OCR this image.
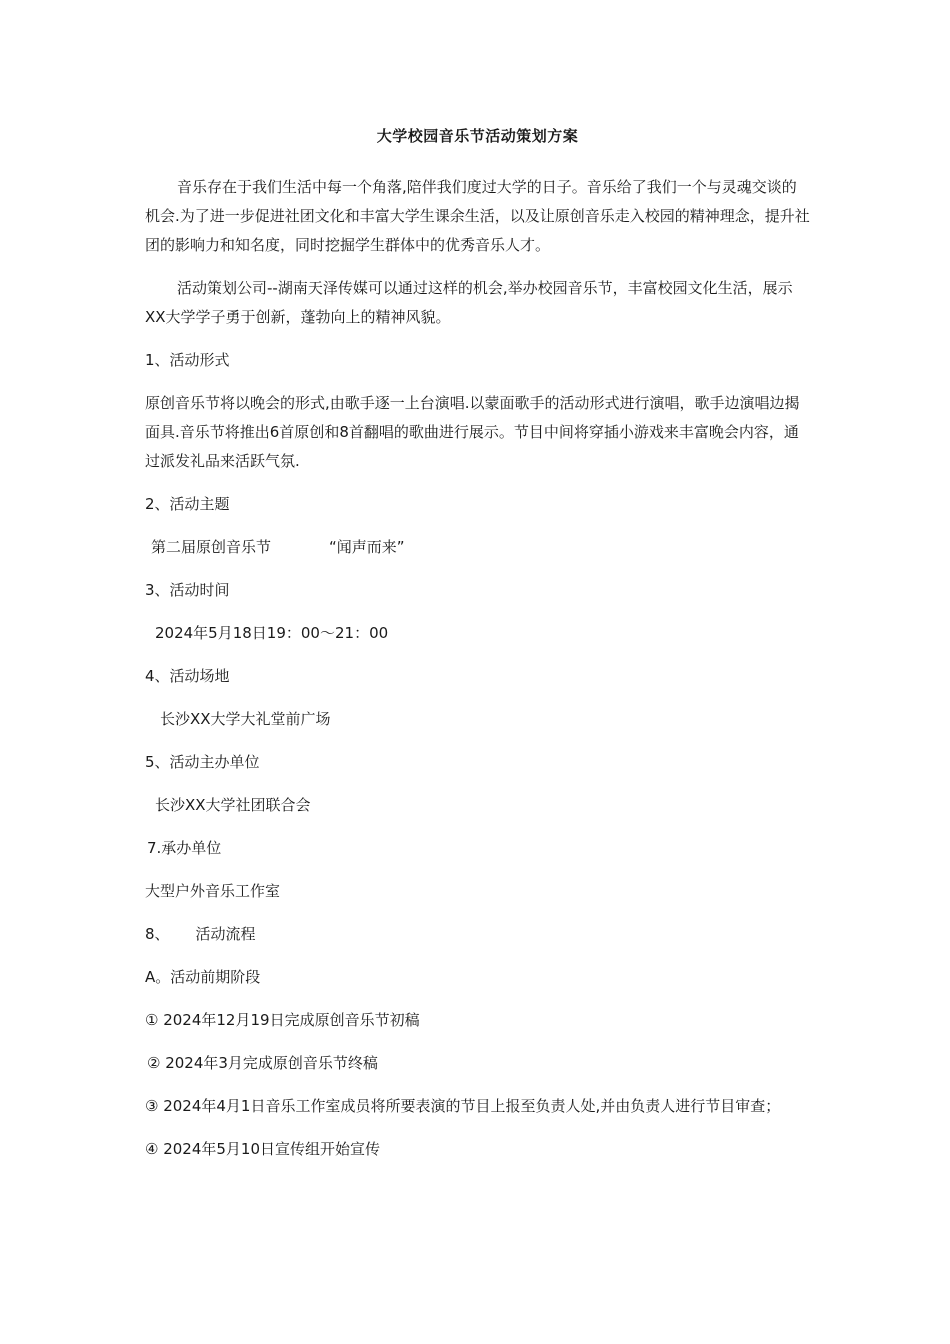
大学校园音乐节活动策划方案

音乐存在于我们生活中每一个角落,陪伴我们度过大学的日子。音乐给了我们一个与灵魂交谈的机会.为了进一步促进社团文化和丰富大学生课余生活，以及让原创音乐走入校园的精神理念，提升社团的影响力和知名度，同时挖掘学生群体中的优秀音乐人才。

活动策划公司--湖南天泽传媒可以通过这样的机会,举办校园音乐节，丰富校园文化生活，展示XX大学学子勇于创新，蓬勃向上的精神风貌。

1、活动形式

原创音乐节将以晚会的形式,由歌手逐一上台演唱.以蒙面歌手的活动形式进行演唱，歌手边演唱边揭面具.音乐节将推出6首原创和8首翻唱的歌曲进行展示。节目中间将穿插小游戏来丰富晚会内容，通过派发礼品来活跃气氛.

2、活动主题

第二届原创音乐节	“闻声而来”

3、活动时间

2024年5月18日19：00～21：00

4、活动场地

长沙XX大学大礼堂前广场

5、活动主办单位

长沙XX大学社团联合会

7.承办单位

大型户外音乐工作室

8、 活动流程

A。活动前期阶段

① 2024年12月19日完成原创音乐节初稿

② 2024年3月完成原创音乐节终稿

③ 2024年4月1日音乐工作室成员将所要表演的节目上报至负责人处,并由负责人进行节目审查；

④ 2024年5月10日宣传组开始宣传
